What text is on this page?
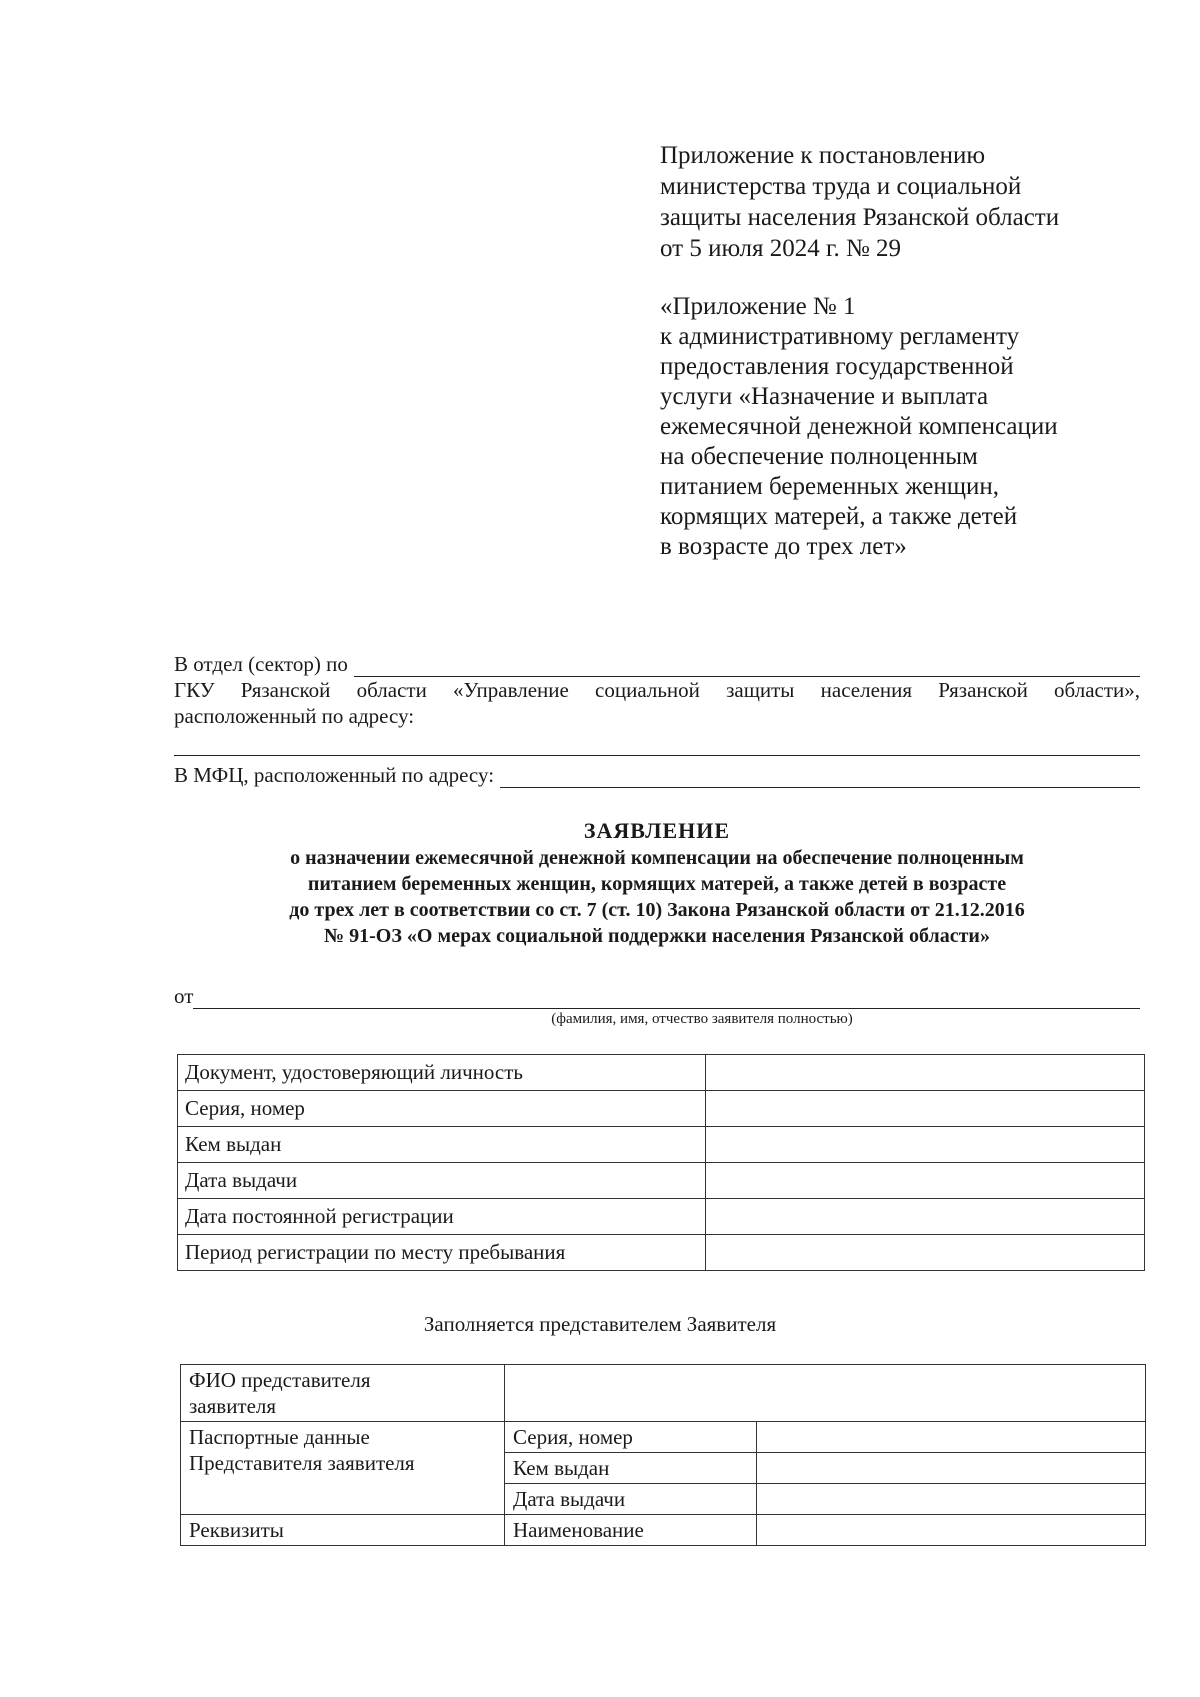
Приложение к постановлению
министерства труда и социальной
защиты населения Рязанской области
от 5 июля 2024 г. № 29
«Приложение № 1
к административному регламенту
предоставления государственной
услуги «Назначение и выплата
ежемесячной денежной компенсации
на обеспечение полноценным
питанием беременных женщин,
кормящих матерей, а также детей
в возрасте до трех лет»
В отдел (сектор) по
ГКУ Рязанской области «Управление социальной защиты населения Рязанской области»,
расположенный по адресу:
В МФЦ, расположенный по адресу:
ЗАЯВЛЕНИЕ
о назначении ежемесячной денежной компенсации на обеспечение полноценным
питанием беременных женщин, кормящих матерей, а также детей в возрасте
до трех лет в соответствии со ст. 7 (ст. 10) Закона Рязанской области от 21.12.2016
№ 91-ОЗ «О мерах социальной поддержки населения Рязанской области»
от
(фамилия, имя, отчество заявителя полностью)
Документ, удостоверяющий личность	
Серия, номер	
Кем выдан	
Дата выдачи	
Дата постоянной регистрации	
Период регистрации по месту пребывания	
Заполняется представителем Заявителя
ФИО представителя заявителя		
Паспортные данные Представителя заявителя	Серия, номер	
	Кем выдан	
	Дата выдачи	
Реквизиты	Наименование	
